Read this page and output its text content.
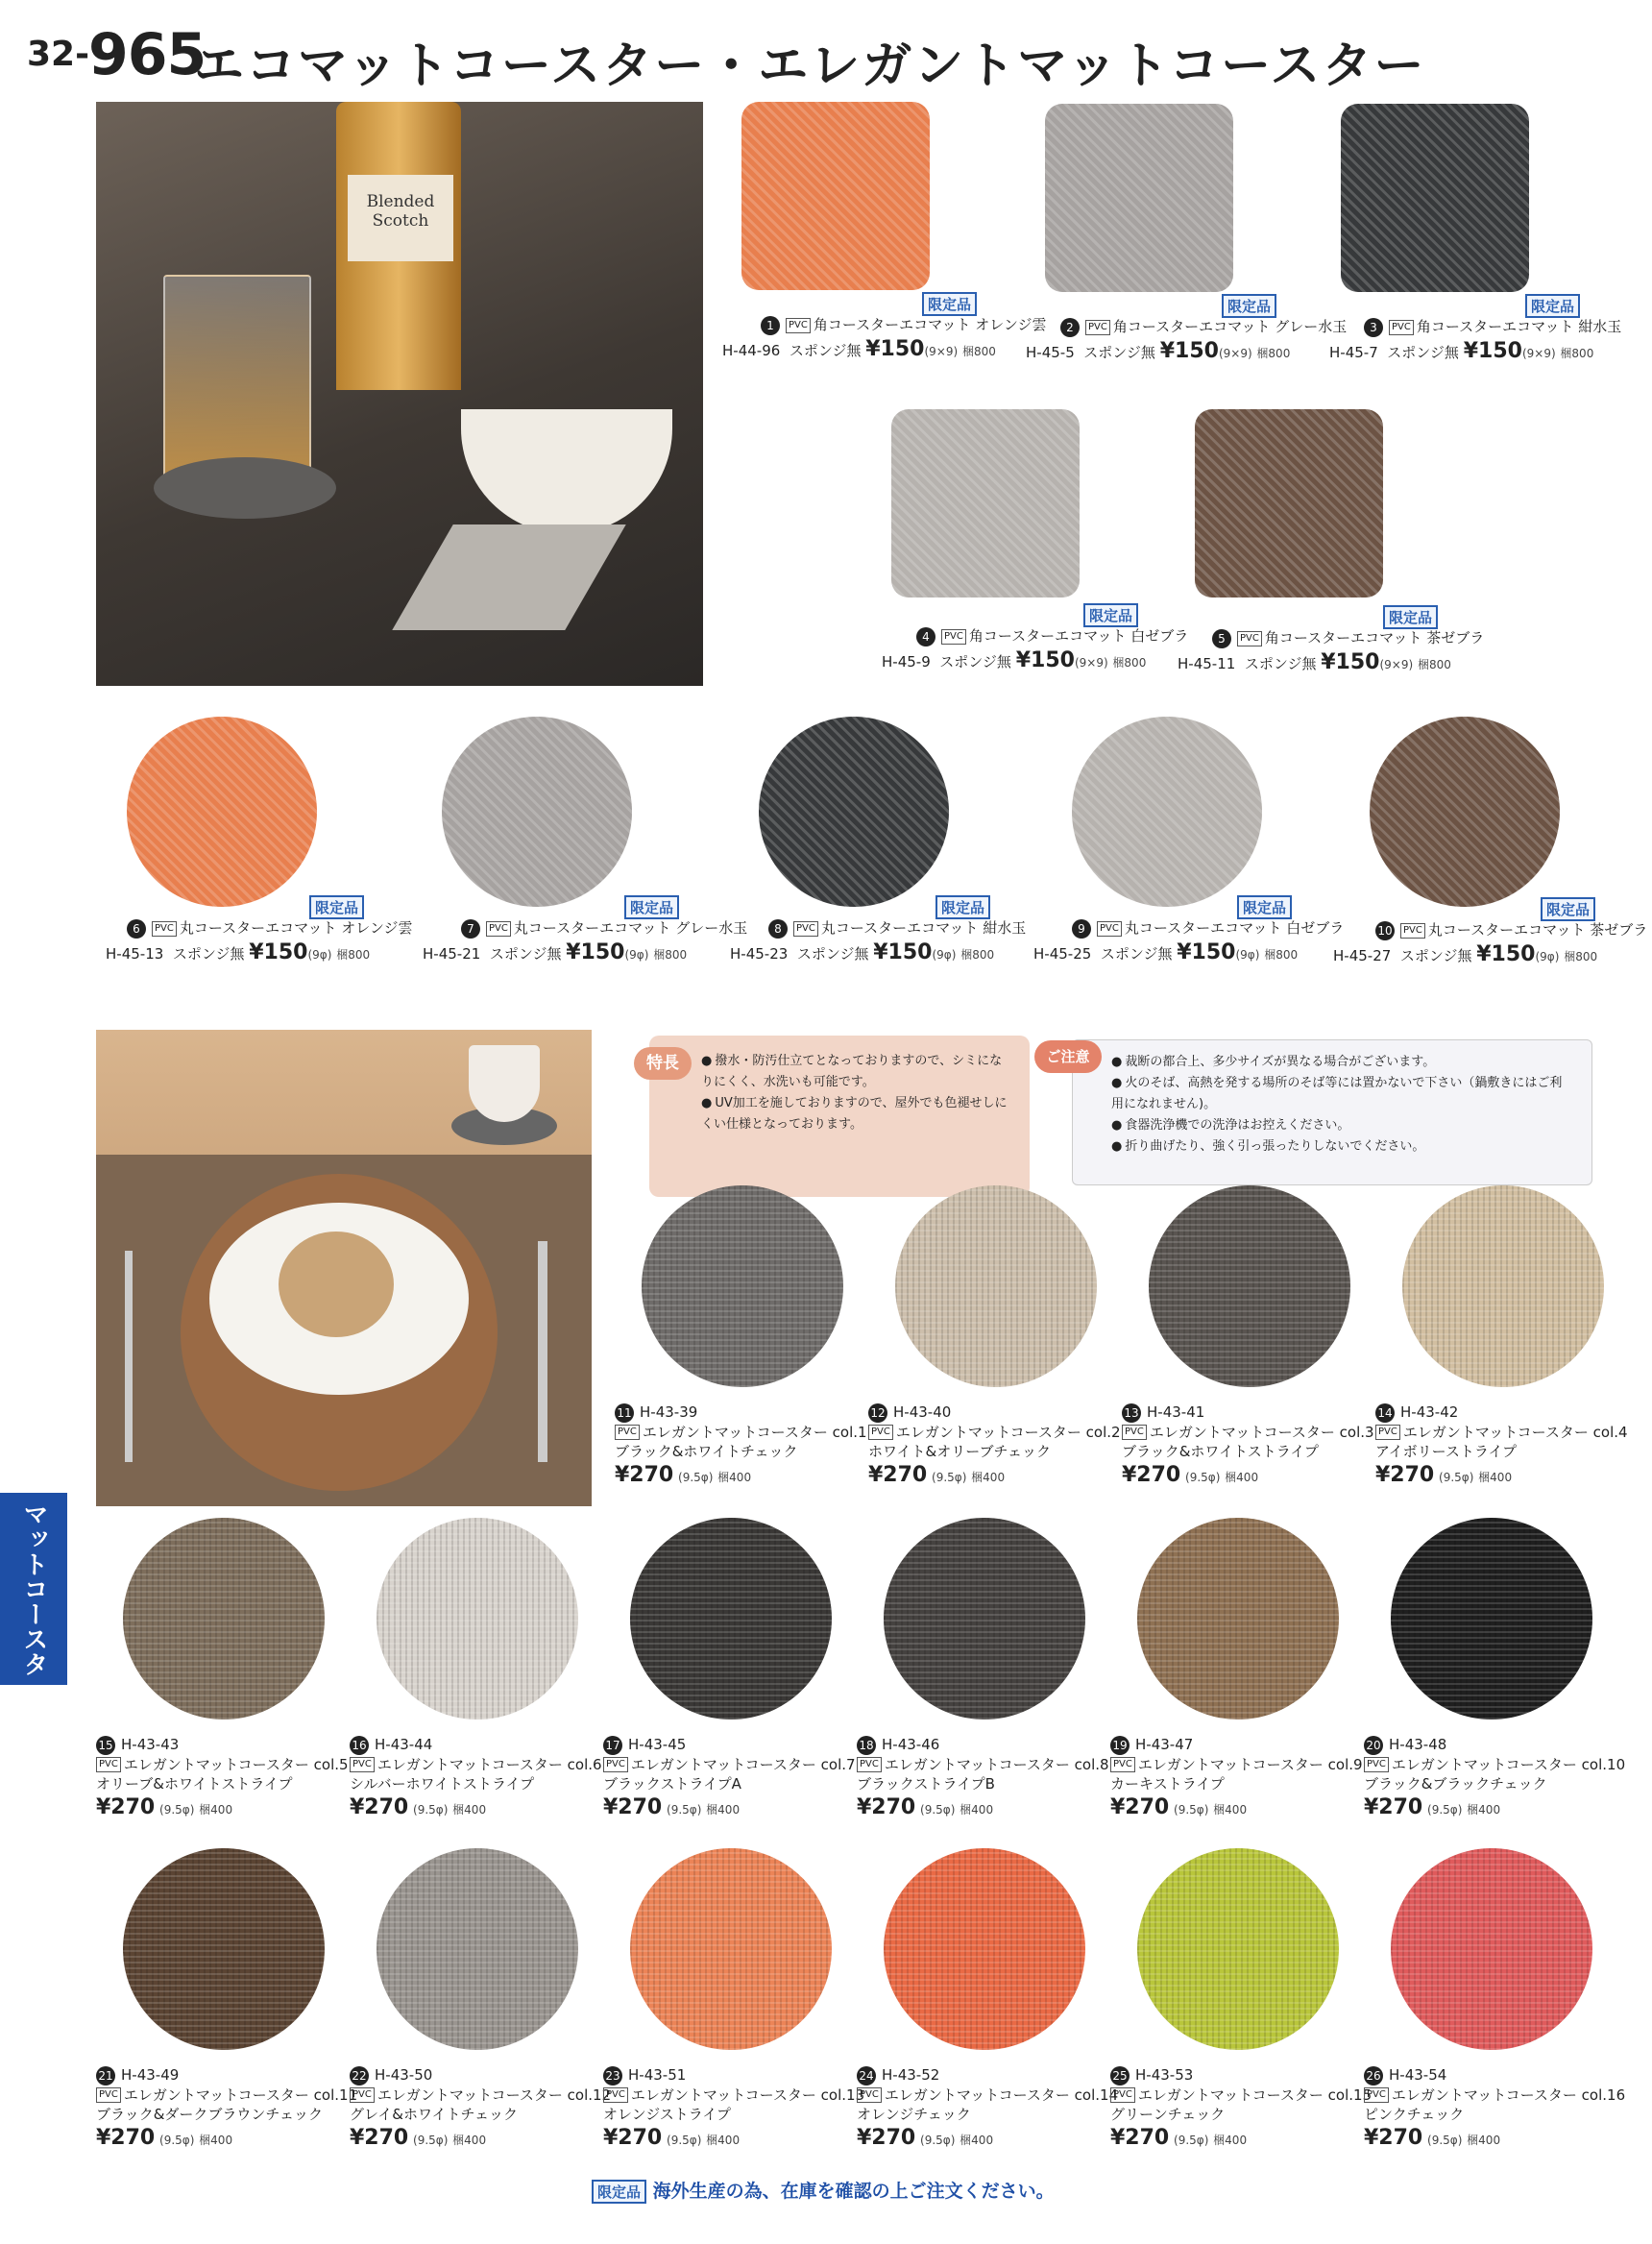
32-
965
エコマットコースター・エレガントマットコースター
マットコースタ
Blended Scotch
限定品
1 PVC 角コースターエコマット オレンジ雲
H-44-96 スポンジ無 ¥150(9×9) 梱800
限定品
2 PVC 角コースターエコマット グレー水玉
H-45-5 スポンジ無 ¥150(9×9) 梱800
限定品
3 PVC 角コースターエコマット 紺水玉
H-45-7 スポンジ無 ¥150(9×9) 梱800
限定品
4 PVC 角コースターエコマット 白ゼブラ
H-45-9 スポンジ無 ¥150(9×9) 梱800
限定品
5 PVC 角コースターエコマット 茶ゼブラ
H-45-11 スポンジ無 ¥150(9×9) 梱800
限定品
6 PVC 丸コースターエコマット オレンジ雲
H-45-13 スポンジ無 ¥150(9φ) 梱800
限定品
7 PVC 丸コースターエコマット グレー水玉
H-45-21 スポンジ無 ¥150(9φ) 梱800
限定品
8 PVC 丸コースターエコマット 紺水玉
H-45-23 スポンジ無 ¥150(9φ) 梱800
限定品
9 PVC 丸コースターエコマット 白ゼブラ
H-45-25 スポンジ無 ¥150(9φ) 梱800
限定品
10 PVC 丸コースターエコマット 茶ゼブラ
H-45-27 スポンジ無 ¥150(9φ) 梱800
特長	● 撥水・防汚仕立てとなっておりますので、シミになりにくく、水洗いも可能です。
● UV加工を施しておりますので、屋外でも色褪せしにくい仕様となっております。
ご注意	● 裁断の都合上、多少サイズが異なる場合がございます。
● 火のそば、高熱を発する場所のそば等には置かないで下さい（鍋敷きにはご利用になれません)。
● 食器洗浄機での洗浄はお控えください。
● 折り曲げたり、強く引っ張ったりしないでください。
11 H-43-39
PVC エレガントマットコースター col.1
ブラック&ホワイトチェック
¥270 (9.5φ) 梱400
12 H-43-40
PVC エレガントマットコースター col.2
ホワイト&オリーブチェック
¥270 (9.5φ) 梱400
13 H-43-41
PVC エレガントマットコースター col.3
ブラック&ホワイトストライプ
¥270 (9.5φ) 梱400
14 H-43-42
PVC エレガントマットコースター col.4
アイボリーストライプ
¥270 (9.5φ) 梱400
15 H-43-43
PVC エレガントマットコースター col.5
オリーブ&ホワイトストライプ
¥270 (9.5φ) 梱400
16 H-43-44
PVC エレガントマットコースター col.6
シルバーホワイトストライプ
¥270 (9.5φ) 梱400
17 H-43-45
PVC エレガントマットコースター col.7
ブラックストライプA
¥270 (9.5φ) 梱400
18 H-43-46
PVC エレガントマットコースター col.8
ブラックストライプB
¥270 (9.5φ) 梱400
19 H-43-47
PVC エレガントマットコースター col.9
カーキストライプ
¥270 (9.5φ) 梱400
20 H-43-48
PVC エレガントマットコースター col.10
ブラック&ブラックチェック
¥270 (9.5φ) 梱400
21 H-43-49
PVC エレガントマットコースター col.11
ブラック&ダークブラウンチェック
¥270 (9.5φ) 梱400
22 H-43-50
PVC エレガントマットコースター col.12
グレイ&ホワイトチェック
¥270 (9.5φ) 梱400
23 H-43-51
PVC エレガントマットコースター col.13
オレンジストライプ
¥270 (9.5φ) 梱400
24 H-43-52
PVC エレガントマットコースター col.14
オレンジチェック
¥270 (9.5φ) 梱400
25 H-43-53
PVC エレガントマットコースター col.15
グリーンチェック
¥270 (9.5φ) 梱400
26 H-43-54
PVC エレガントマットコースター col.16
ピンクチェック
¥270 (9.5φ) 梱400
限定品 海外生産の為、在庫を確認の上ご注文ください。
